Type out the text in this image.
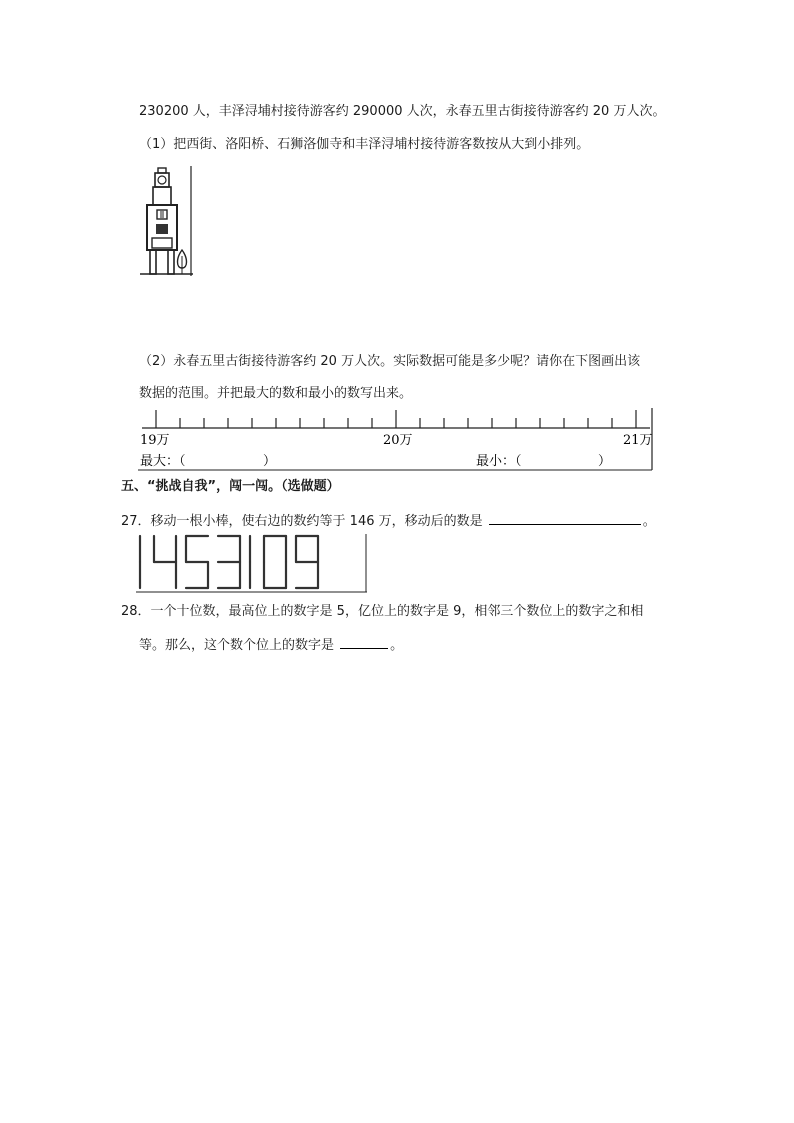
230200 人，丰泽浔埔村接待游客约 290000 人次，永春五里古街接待游客约 20 万人次。
（1）把西街、洛阳桥、石狮洛伽寺和丰泽浔埔村接待游客数按从大到小排列。
（2）永春五里古街接待游客约 20 万人次。实际数据可能是多少呢？请你在下图画出该
数据的范围。并把最大的数和最小的数写出来。
19万	20万	21万
最大：（	）	最小：（	）
五、“挑战自我”，闯一闯。（选做题）
27．移动一根小棒，使右边的数约等于 146 万，移动后的数是	。
28．一个十位数，最高位上的数字是 5，亿位上的数字是 9，相邻三个数位上的数字之和相
等。那么，这个数个位上的数字是	。
